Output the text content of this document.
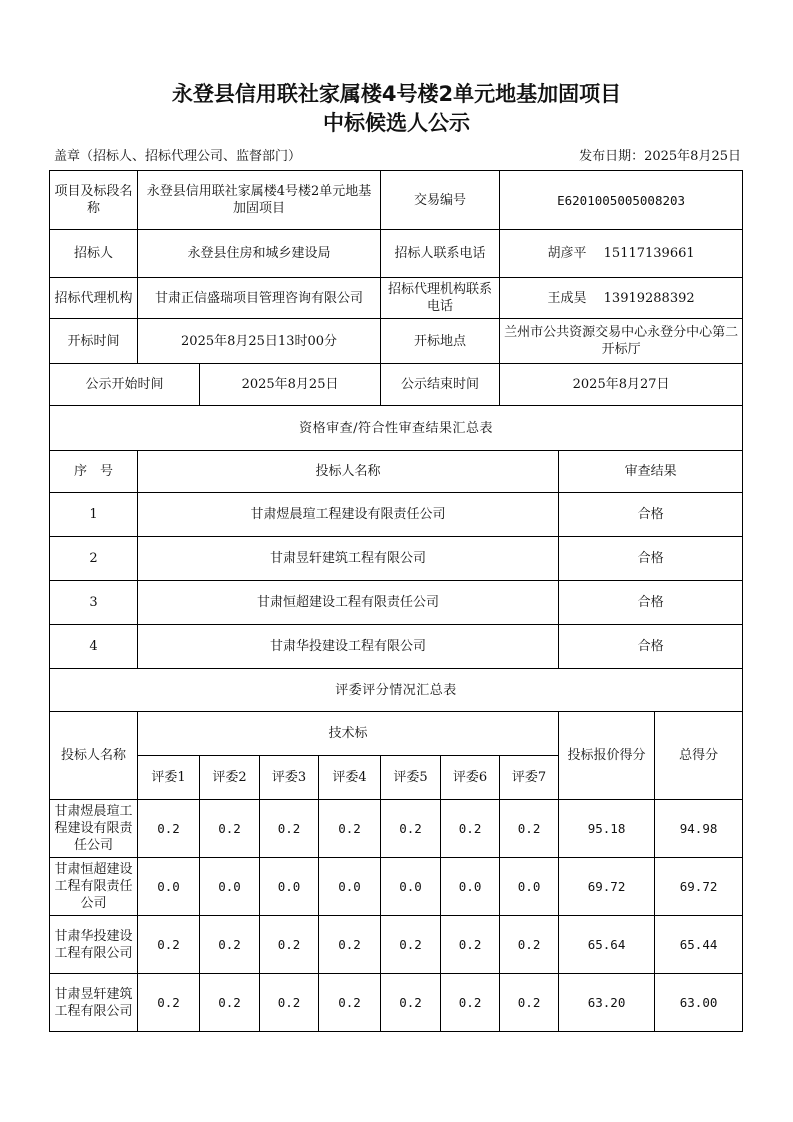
永登县信用联社家属楼4号楼2单元地基加固项目
中标候选人公示
盖章（招标人、招标代理公司、监督部门）	发布日期：2025年8月25日
项目及标段名称	永登县信用联社家属楼4号楼2单元地基加固项目				交易编号		E6201005005008203		
招标人	永登县住房和城乡建设局				招标人联系电话		胡彦平　 15117139661		
招标代理机构	甘肃正信盛瑞项目管理咨询有限公司				招标代理机构联系电话		王成昊　 13919288392		
开标时间	2025年8月25日13时00分				开标地点		兰州市公共资源交易中心永登分中心第二开标厅		
公示开始时间		2025年8月25日			公示结束时间		2025年8月27日		
资格审查/符合性审查结果汇总表									
序　号	投标人名称							审查结果	
1	甘肃煜晨瑄工程建设有限责任公司							合格	
2	甘肃昱轩建筑工程有限公司							合格	
3	甘肃恒超建设工程有限责任公司							合格	
4	甘肃华投建设工程有限公司							合格	
评委评分情况汇总表									
投标人名称	技术标							投标报价得分	总得分
	评委1	评委2	评委3	评委4	评委5	评委6	评委7		
甘肃煜晨瑄工程建设有限责任公司	0.2	0.2	0.2	0.2	0.2	0.2	0.2	95.18	94.98
甘肃恒超建设工程有限责任公司	0.0	0.0	0.0	0.0	0.0	0.0	0.0	69.72	69.72
甘肃华投建设工程有限公司	0.2	0.2	0.2	0.2	0.2	0.2	0.2	65.64	65.44
甘肃昱轩建筑工程有限公司	0.2	0.2	0.2	0.2	0.2	0.2	0.2	63.20	63.00
